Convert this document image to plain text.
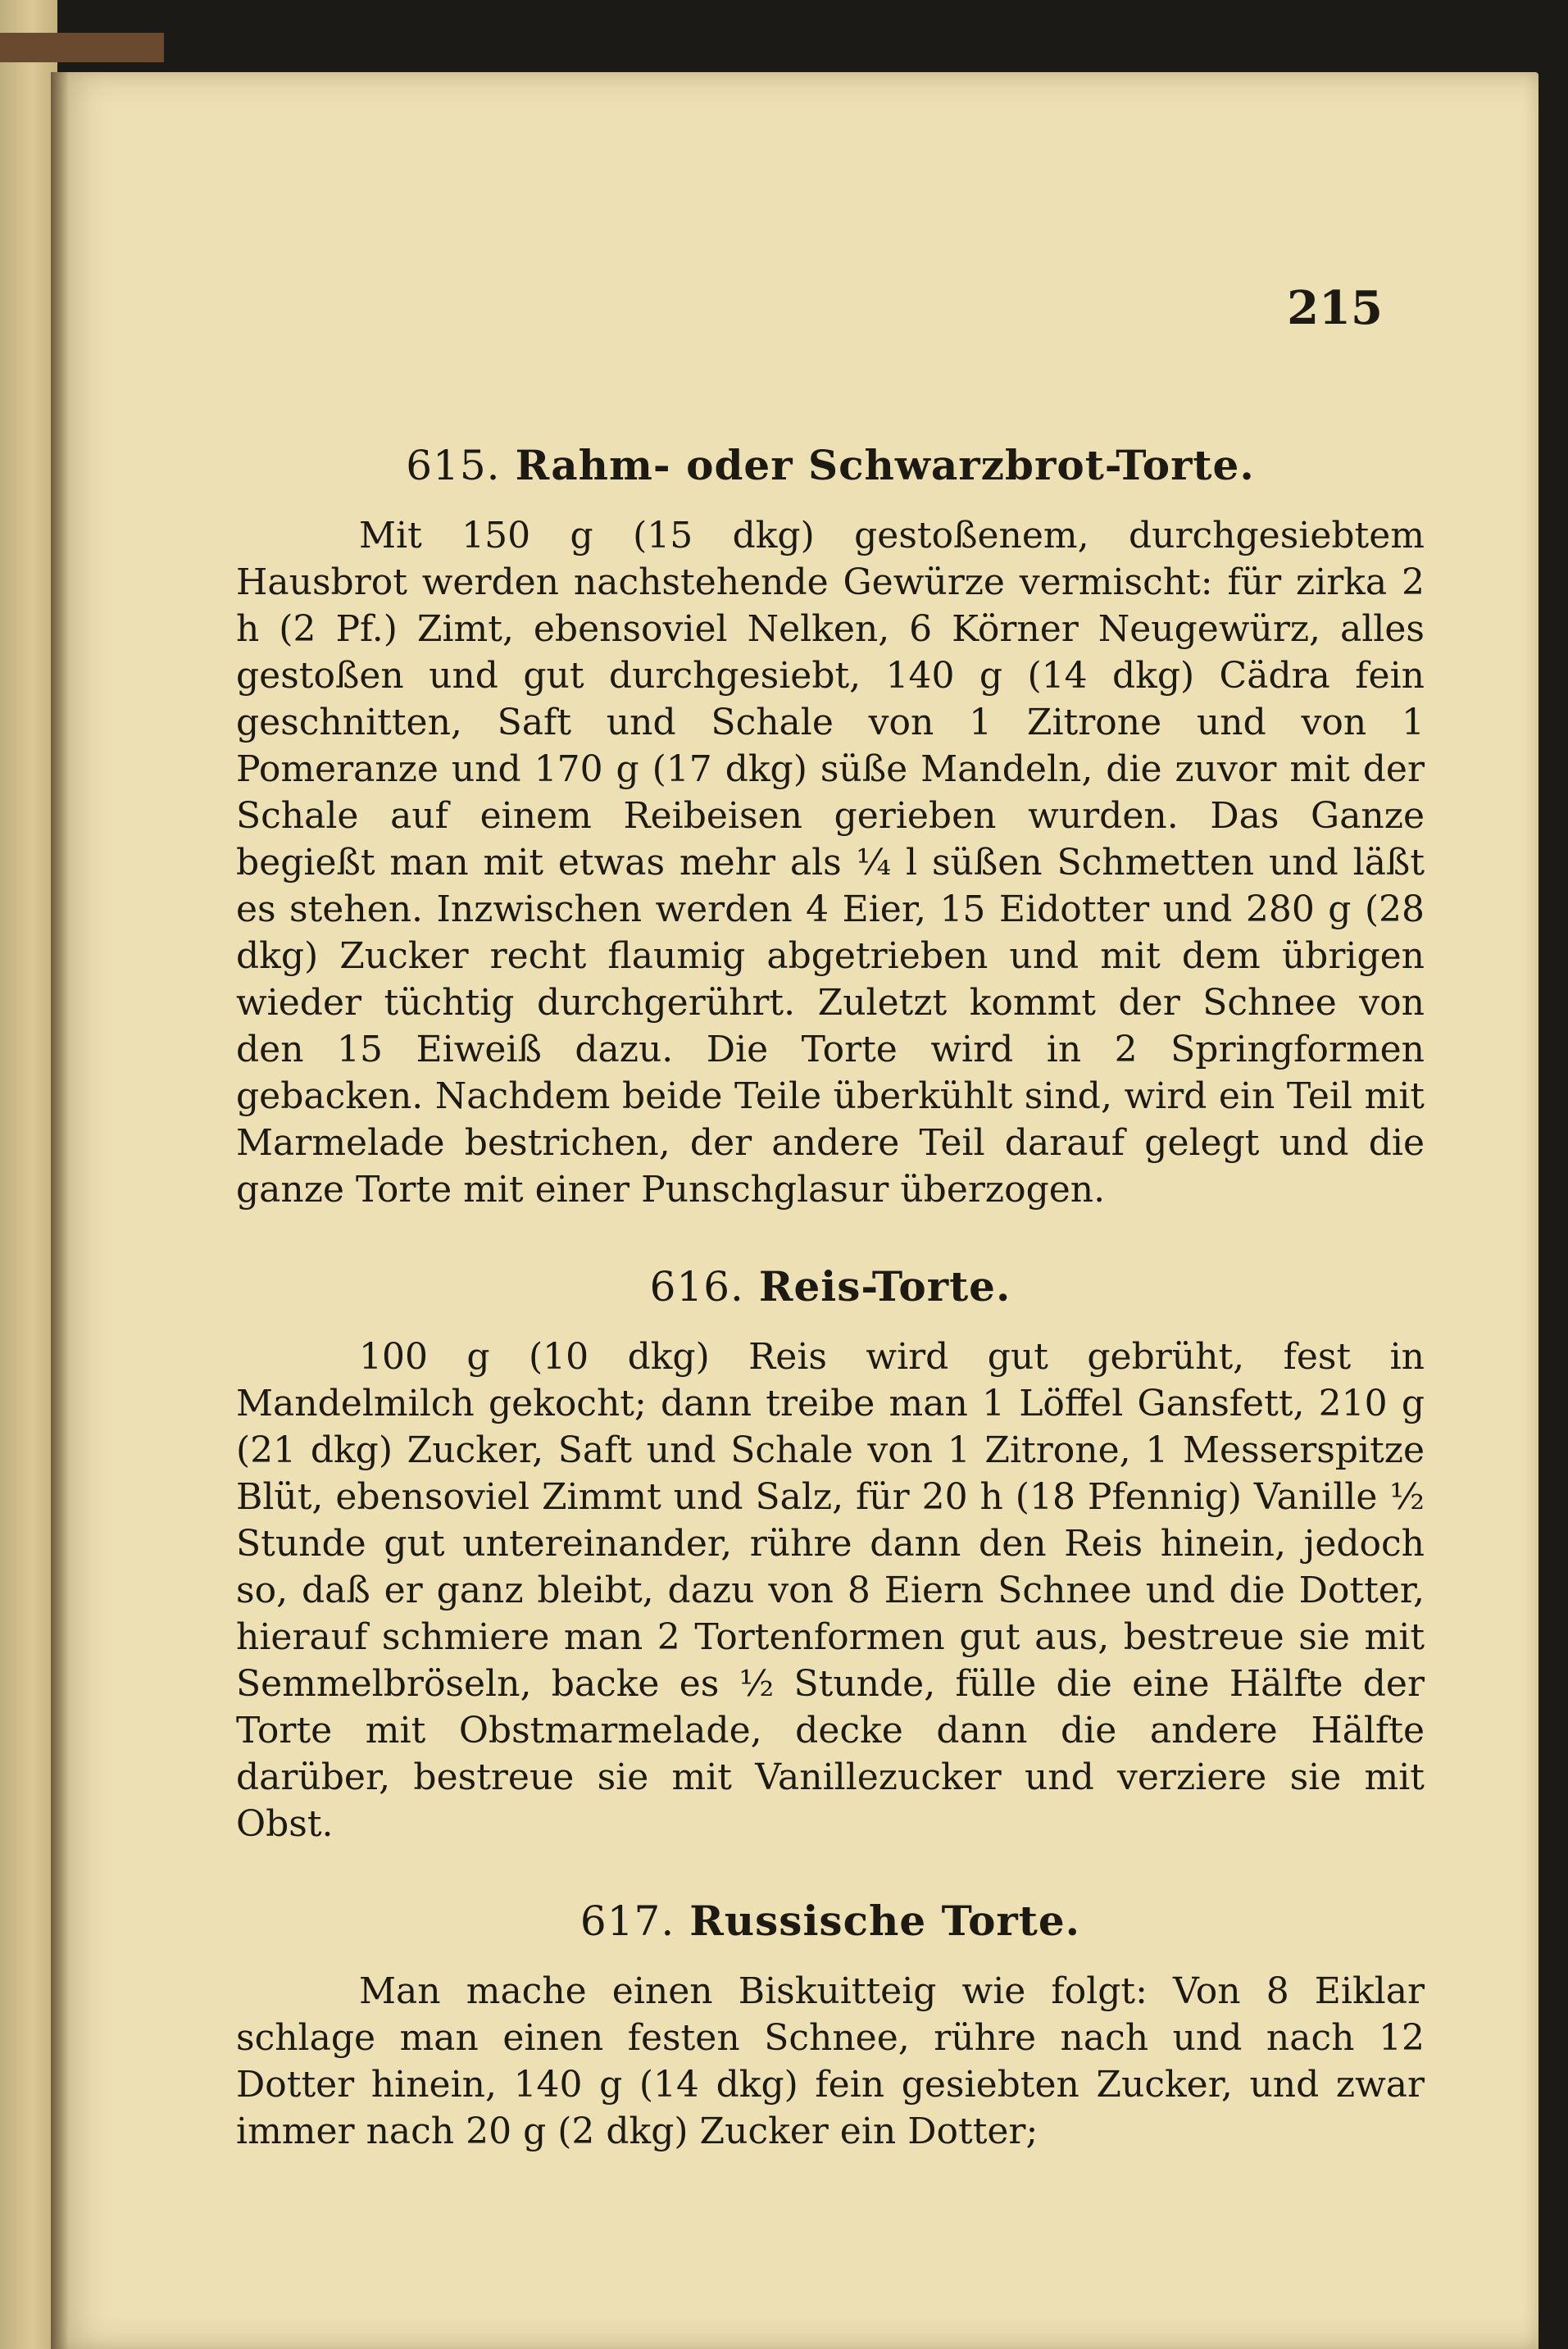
215
615. Rahm- oder Schwarzbrot-Torte.

Mit 150 g (15 dkg) gestoßenem, durchgesiebtem Hausbrot werden nachstehende Gewürze vermischt: für zirka 2 h (2 Pf.) Zimt, ebensoviel Nelken, 6 Körner Neugewürz, alles gestoßen und gut durchgesiebt, 140 g (14 dkg) Cädra fein geschnitten, Saft und Schale von 1 Zitrone und von 1 Pomeranze und 170 g (17 dkg) süße Mandeln, die zuvor mit der Schale auf einem Reibeisen gerieben wurden. Das Ganze begießt man mit etwas mehr als ¼ l süßen Schmetten und läßt es stehen. Inzwischen werden 4 Eier, 15 Eidotter und 280 g (28 dkg) Zucker recht flaumig abgetrieben und mit dem übrigen wieder tüchtig durchgerührt. Zuletzt kommt der Schnee von den 15 Eiweiß dazu. Die Torte wird in 2 Springformen gebacken. Nachdem beide Teile überkühlt sind, wird ein Teil mit Marmelade bestrichen, der andere Teil darauf gelegt und die ganze Torte mit einer Punschglasur überzogen.

616. Reis-Torte.

100 g (10 dkg) Reis wird gut gebrüht, fest in Mandelmilch gekocht; dann treibe man 1 Löffel Gansfett, 210 g (21 dkg) Zucker, Saft und Schale von 1 Zitrone, 1 Messerspitze Blüt, ebensoviel Zimmt und Salz, für 20 h (18 Pfennig) Vanille ½ Stunde gut untereinander, rühre dann den Reis hinein, jedoch so, daß er ganz bleibt, dazu von 8 Eiern Schnee und die Dotter, hierauf schmiere man 2 Tortenformen gut aus, bestreue sie mit Semmelbröseln, backe es ½ Stunde, fülle die eine Hälfte der Torte mit Obstmarmelade, decke dann die andere Hälfte darüber, bestreue sie mit Vanillezucker und verziere sie mit Obst.

617. Russische Torte.

Man mache einen Biskuitteig wie folgt: Von 8 Eiklar schlage man einen festen Schnee, rühre nach und nach 12 Dotter hinein, 140 g (14 dkg) fein gesiebten Zucker, und zwar immer nach 20 g (2 dkg) Zucker ein Dotter;
